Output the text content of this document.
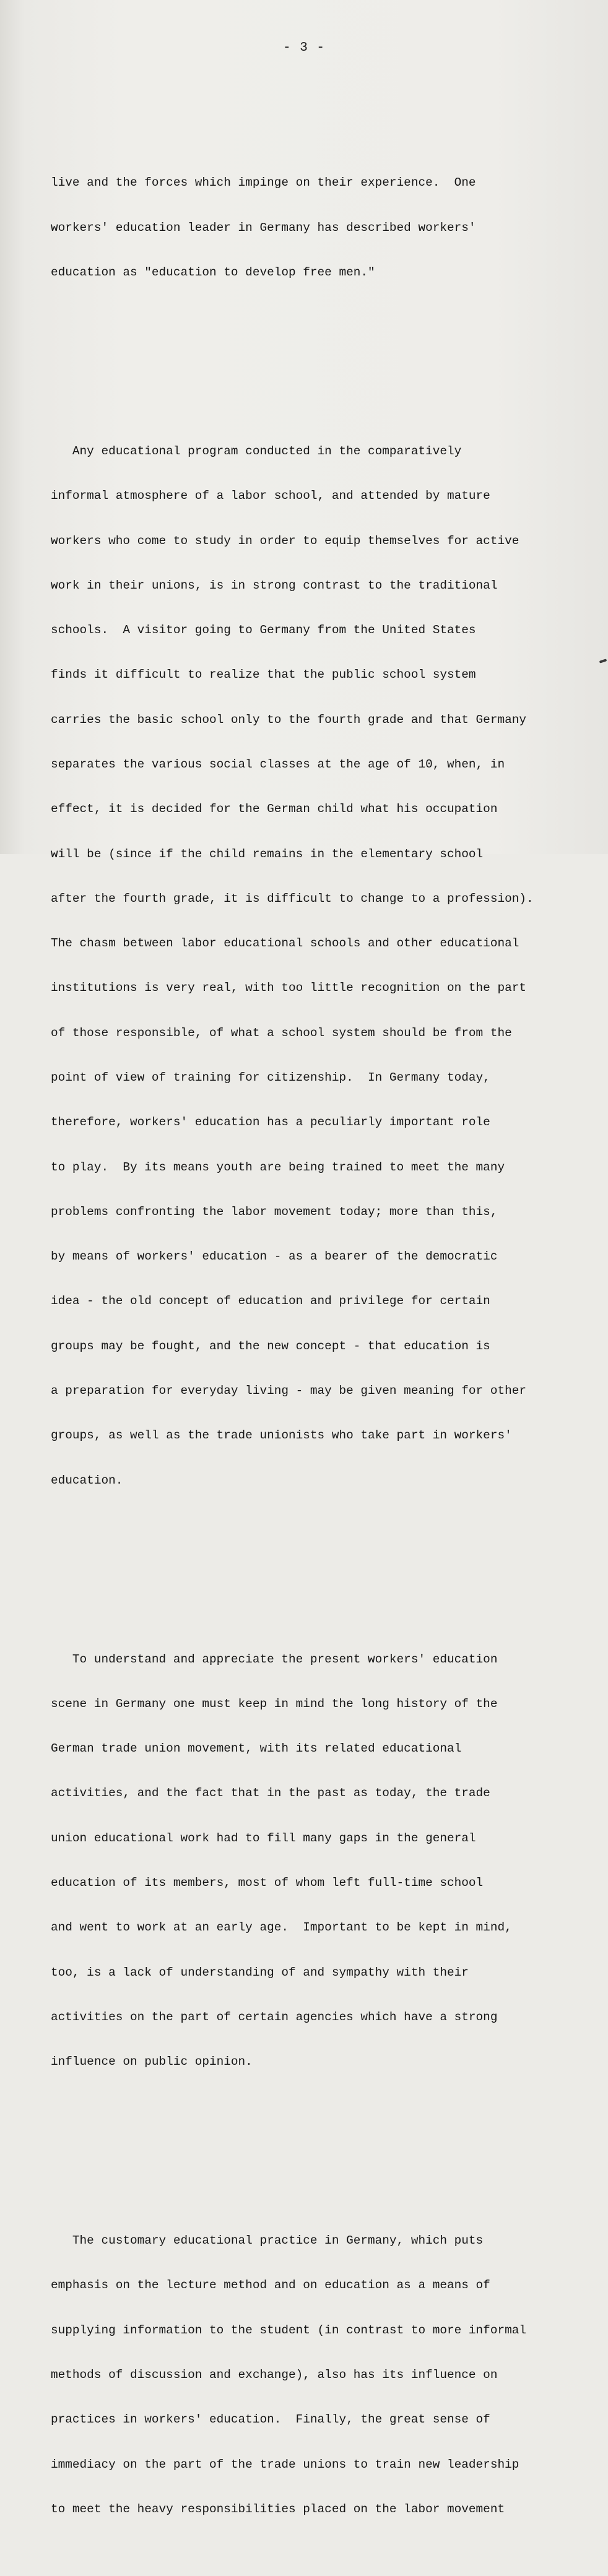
- 3 -

live and the forces which impinge on their experience.  One

workers' education leader in Germany has described workers'

education as "education to develop free men."

Any educational program conducted in the comparatively

informal atmosphere of a labor school, and attended by mature

workers who come to study in order to equip themselves for active

work in their unions, is in strong contrast to the traditional

schools.  A visitor going to Germany from the United States

finds it difficult to realize that the public school system

carries the basic school only to the fourth grade and that Germany

separates the various social classes at the age of 10, when, in

effect, it is decided for the German child what his occupation

will be (since if the child remains in the elementary school

after the fourth grade, it is difficult to change to a profession).

The chasm between labor educational schools and other educational

institutions is very real, with too little recognition on the part

of those responsible, of what a school system should be from the

point of view of training for citizenship.  In Germany today,

therefore, workers' education has a peculiarly important role

to play.  By its means youth are being trained to meet the many

problems confronting the labor movement today; more than this,

by means of workers' education - as a bearer of the democratic

idea - the old concept of education and privilege for certain

groups may be fought, and the new concept - that education is

a preparation for everyday living - may be given meaning for other

groups, as well as the trade unionists who take part in workers'

education.

To understand and appreciate the present workers' education

scene in Germany one must keep in mind the long history of the

German trade union movement, with its related educational

activities, and the fact that in the past as today, the trade

union educational work had to fill many gaps in the general

education of its members, most of whom left full-time school

and went to work at an early age.  Important to be kept in mind,

too, is a lack of understanding of and sympathy with their

activities on the part of certain agencies which have a strong

influence on public opinion.

The customary educational practice in Germany, which puts

emphasis on the lecture method and on education as a means of

supplying information to the student (in contrast to more informal

methods of discussion and exchange), also has its influence on

practices in workers' education.  Finally, the great sense of

immediacy on the part of the trade unions to train new leadership

to meet the heavy responsibilities placed on the labor movement
